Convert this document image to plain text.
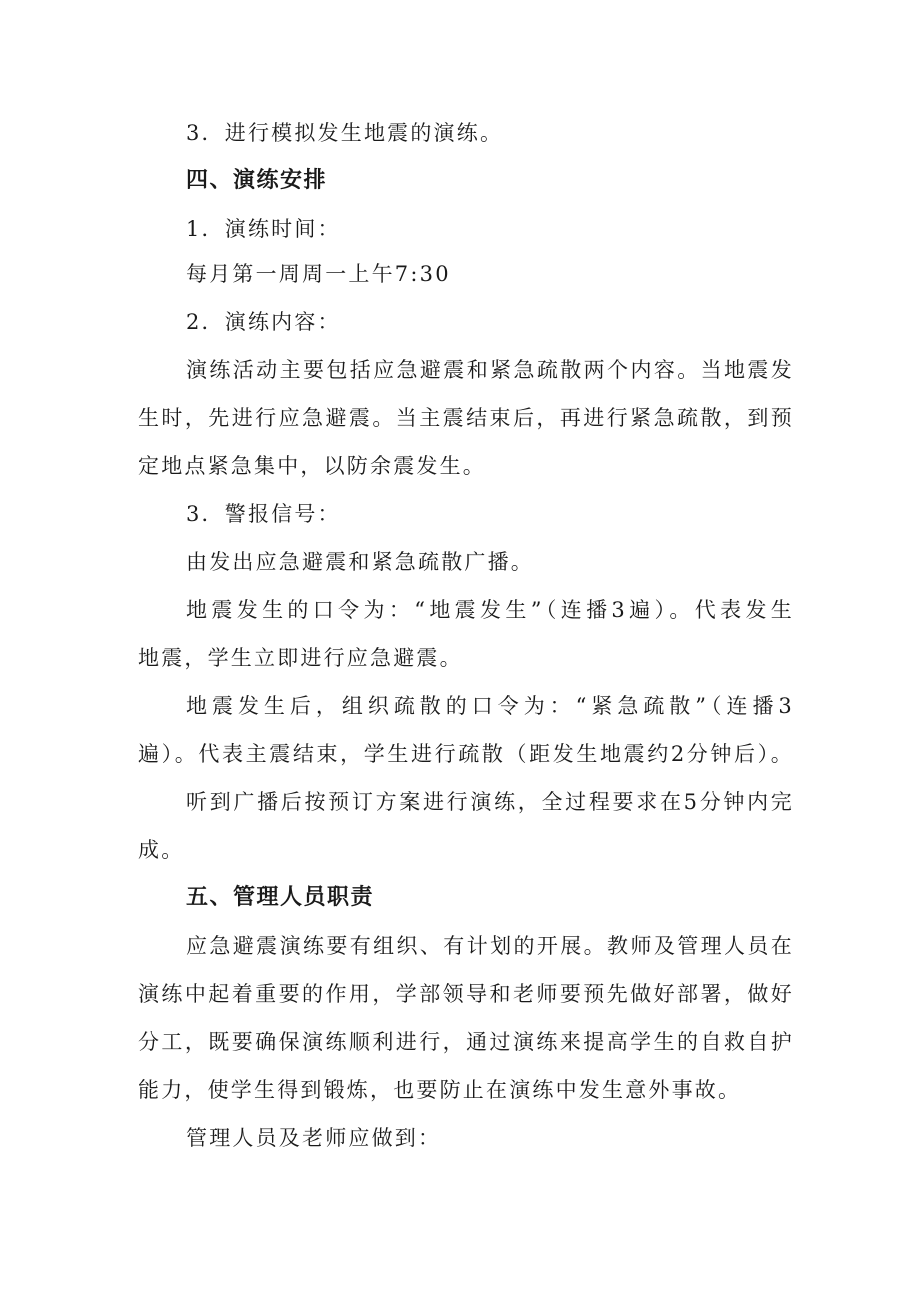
3．进行模拟发生地震的演练。
四、演练安排
1．演练时间：
每月第一周周一上午7:30
2．演练内容：
演练活动主要包括应急避震和紧急疏散两个内容。当地震发
生时，先进行应急避震。当主震结束后，再进行紧急疏散，到预
定地点紧急集中，以防余震发生。
3．警报信号：
由发出应急避震和紧急疏散广播。
地震发生的口令为：“地震发生”（连播3遍）。代表发生
地震，学生立即进行应急避震。
地震发生后，组织疏散的口令为：“紧急疏散”（连播3
遍）。代表主震结束，学生进行疏散（距发生地震约2分钟后）。
听到广播后按预订方案进行演练，全过程要求在5分钟内完
成。
五、管理人员职责
应急避震演练要有组织、有计划的开展。教师及管理人员在
演练中起着重要的作用，学部领导和老师要预先做好部署，做好
分工，既要确保演练顺利进行，通过演练来提高学生的自救自护
能力，使学生得到锻炼，也要防止在演练中发生意外事故。
管理人员及老师应做到：
